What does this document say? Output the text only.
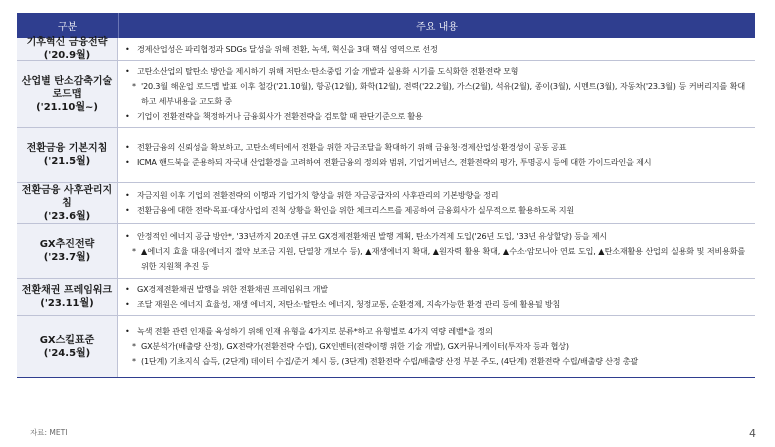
구분	주요 내용
기후혁신 금융전략
('20.9월)
• 경제산업성은 파리협정과 SDGs 달성을 위해 전환, 녹색, 혁신을 3대 핵심 영역으로 선정
산업별 탄소감축기술 로드맵
('21.10월~)
• 고탄소산업의 탈탄소 방안을 제시하기 위해 저탄소·탄소중립 기술 개발과 실용화 시기를 도식화한 전환전략 모형
* '20.3월 해운업 로드맵 발표 이후 철강('21.10월), 항공(12월), 화학(12월), 전력('22.2월), 가스(2월), 석유(2월), 종이(3월), 시멘트(3월), 자동차('23.3월) 등 커버리지를 확대하고 세부내용을 고도화 중
• 기업이 전환전략을 책정하거나 금융회사가 전환전략을 검토할 때 판단기준으로 활용
전환금융 기본지침
('21.5월)
• 전환금융의 신뢰성을 확보하고, 고탄소섹터에서 전환을 위한 자금조달을 확대하기 위해 금융청·경제산업성·환경성이 공동 공표
• ICMA 핸드북을 준용하되 자국내 산업환경을 고려하여 전환금융의 정의와 범위, 기업거버넌스, 전환전략의 평가, 투명공시 등에 대한 가이드라인을 제시
전환금융 사후관리지침
('23.6월)
• 자금지원 이후 기업의 전환전략의 이행과 기업가치 향상을 위한 자금공급자의 사후관리의 기본방향을 정리
• 전환금융에 대한 전략·목표·대상사업의 진척 상황을 확인을 위한 체크리스트를 제공하여 금융회사가 실무적으로 활용하도록 지원
GX추진전략
('23.7월)
• 안정적인 에너지 공급 방안*, '33년까지 20조엔 규모 GX경제전환채권 발행 계획, 탄소가격제 도입('26년 도입, '33년 유상할당) 등을 제시
* ▲에너지 효율 대응(에너지 절약 보조금 지원, 단열창 개보수 등), ▲재생에너지 확대, ▲원자력 활용 확대, ▲수소·암모니아 연료 도입, ▲탄소재활용 산업의 실용화 및 저비용화를 위한 지원책 추진 등
전환채권 프레임워크
('23.11월)
• GX경제전환채권 발행을 위한 전환채권 프레임워크 개발
• 조달 재원은 에너지 효율성, 재생 에너지, 저탄소·탈탄소 에너지, 청정교통, 순환경제, 지속가능한 환경 관리 등에 활용될 방침
GX스킬표준
('24.5월)
• 녹색 전환 관련 인재를 육성하기 위해 인재 유형을 4가지로 분류*하고 유형별로 4가지 역량 레벨*을 정의
* GX분석가(배출량 산정), GX전략가(전환전략 수립), GX인벤터(전략이행 위한 기술 개발), GX커뮤니케이터(투자자 등과 협상)
* (1단계) 기초지식 습득, (2단계) 데이터 수집/준거 체시 등, (3단계) 전환전략 수립/배출량 산정 부분 주도, (4단계) 전환전략 수립/배출량 산정 총괄
자료: METI	4
